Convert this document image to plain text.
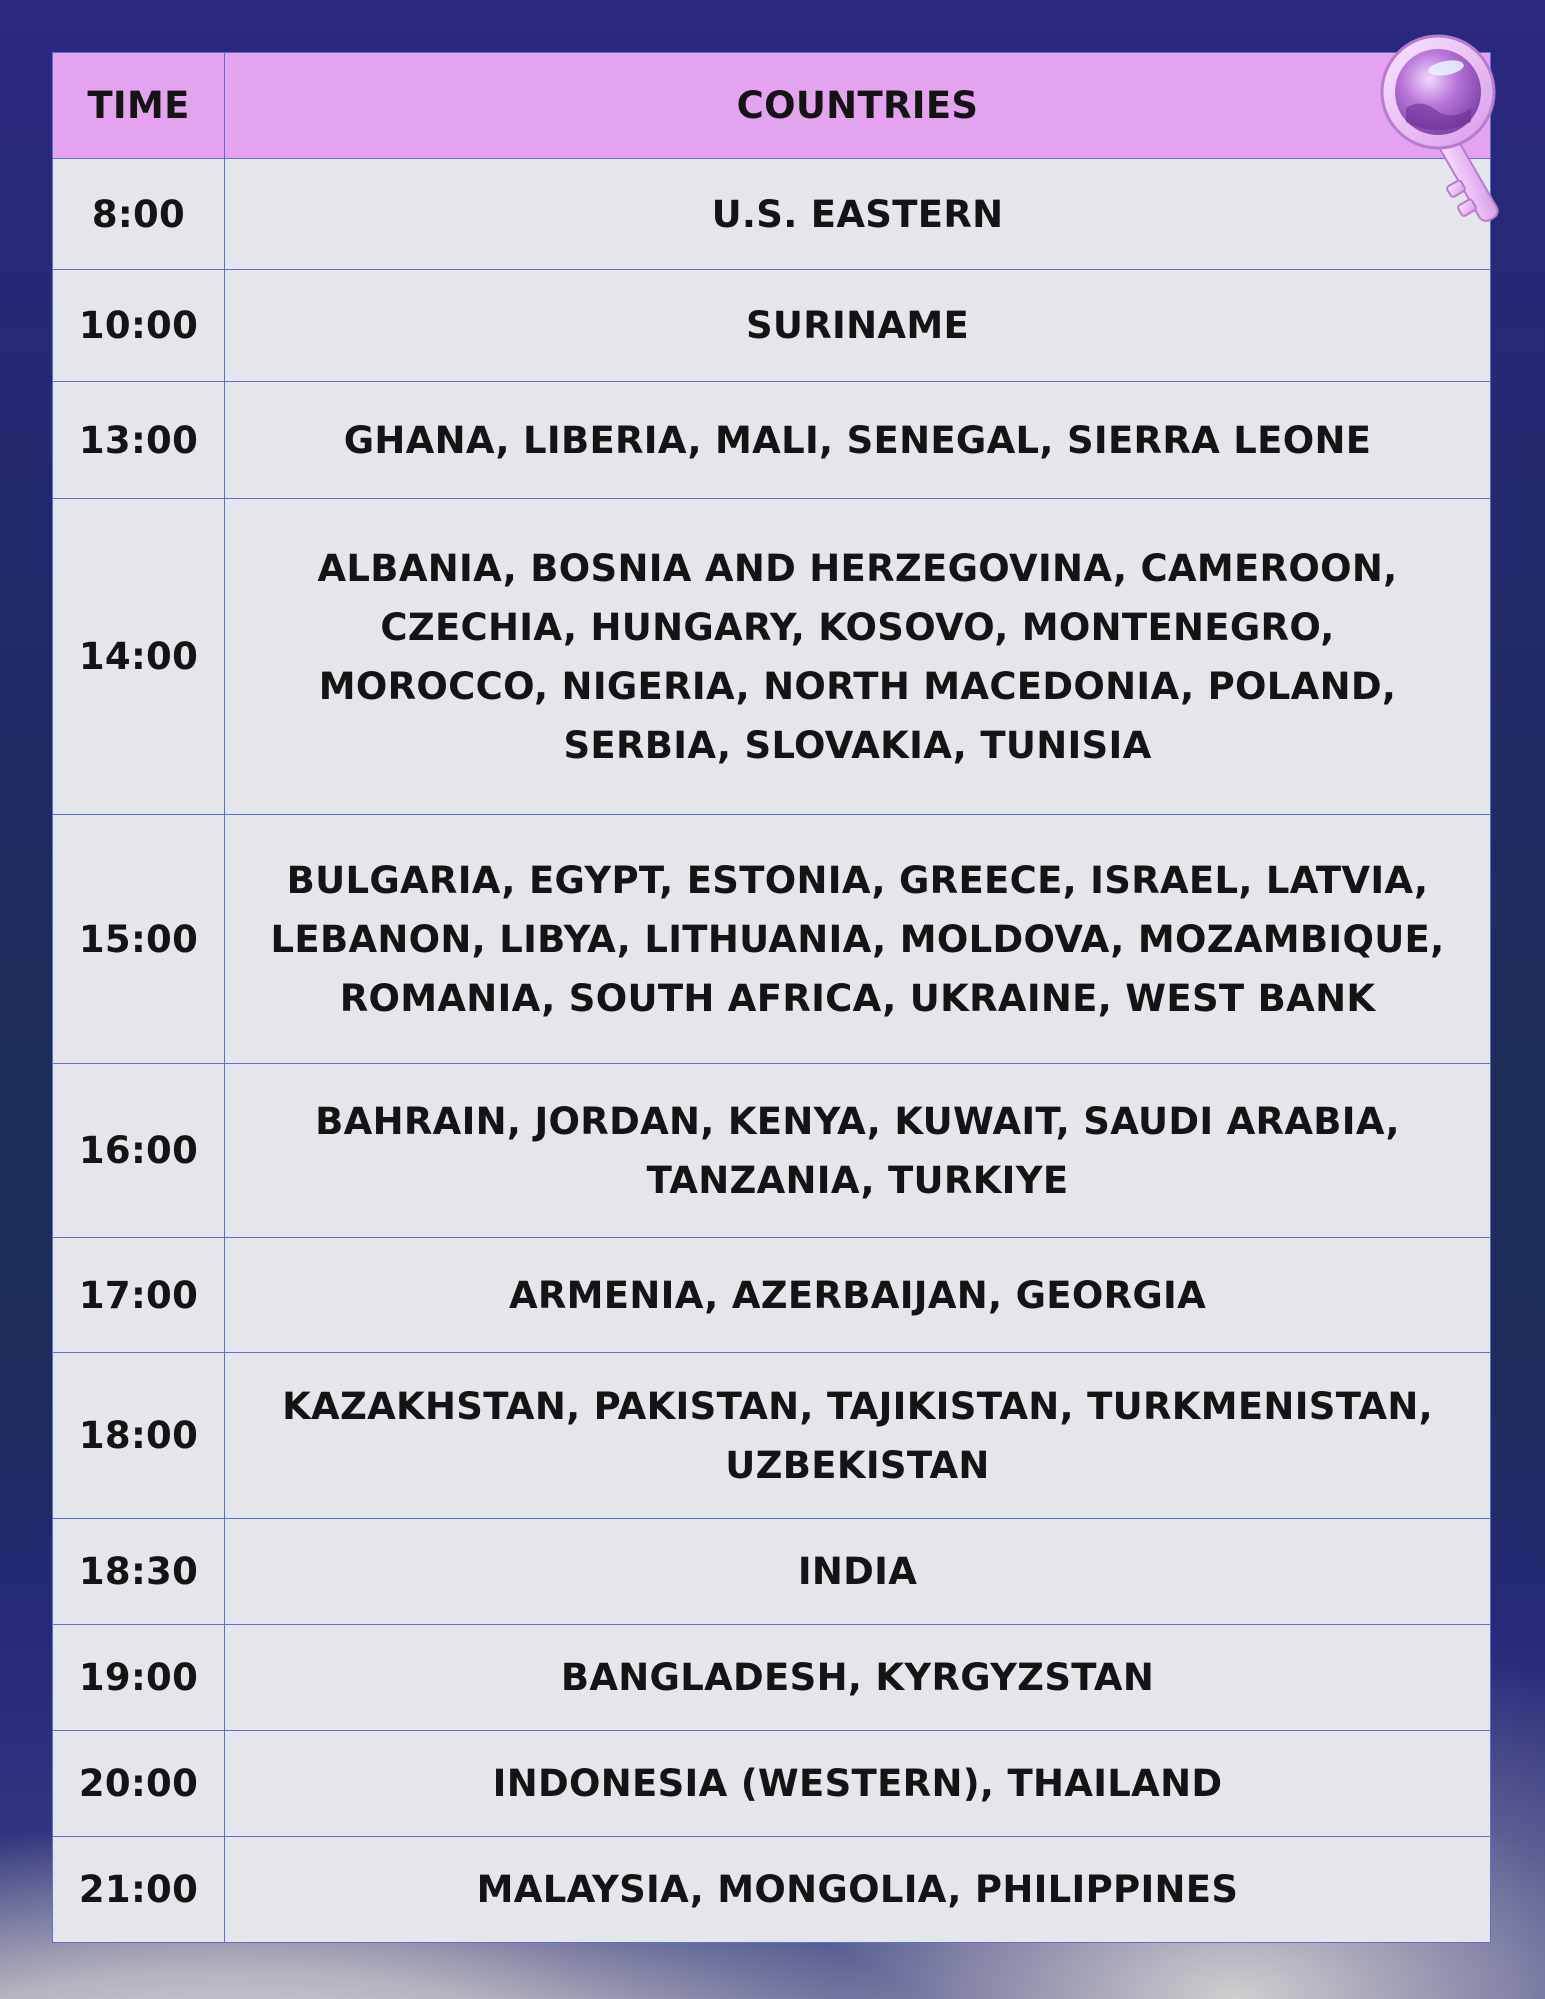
TIME	COUNTRIES
8:00	U.S. EASTERN
10:00	SURINAME
13:00	GHANA, LIBERIA, MALI, SENEGAL, SIERRA LEONE
14:00	ALBANIA, BOSNIA AND HERZEGOVINA, CAMEROON, CZECHIA, HUNGARY, KOSOVO, MONTENEGRO, MOROCCO, NIGERIA, NORTH MACEDONIA, POLAND, SERBIA, SLOVAKIA, TUNISIA
15:00	BULGARIA, EGYPT, ESTONIA, GREECE, ISRAEL, LATVIA, LEBANON, LIBYA, LITHUANIA, MOLDOVA, MOZAMBIQUE, ROMANIA, SOUTH AFRICA, UKRAINE, WEST BANK
16:00	BAHRAIN, JORDAN, KENYA, KUWAIT, SAUDI ARABIA, TANZANIA, TURKIYE
17:00	ARMENIA, AZERBAIJAN, GEORGIA
18:00	KAZAKHSTAN, PAKISTAN, TAJIKISTAN, TURKMENISTAN, UZBEKISTAN
18:30	INDIA
19:00	BANGLADESH, KYRGYZSTAN
20:00	INDONESIA (WESTERN), THAILAND
21:00	MALAYSIA, MONGOLIA, PHILIPPINES
